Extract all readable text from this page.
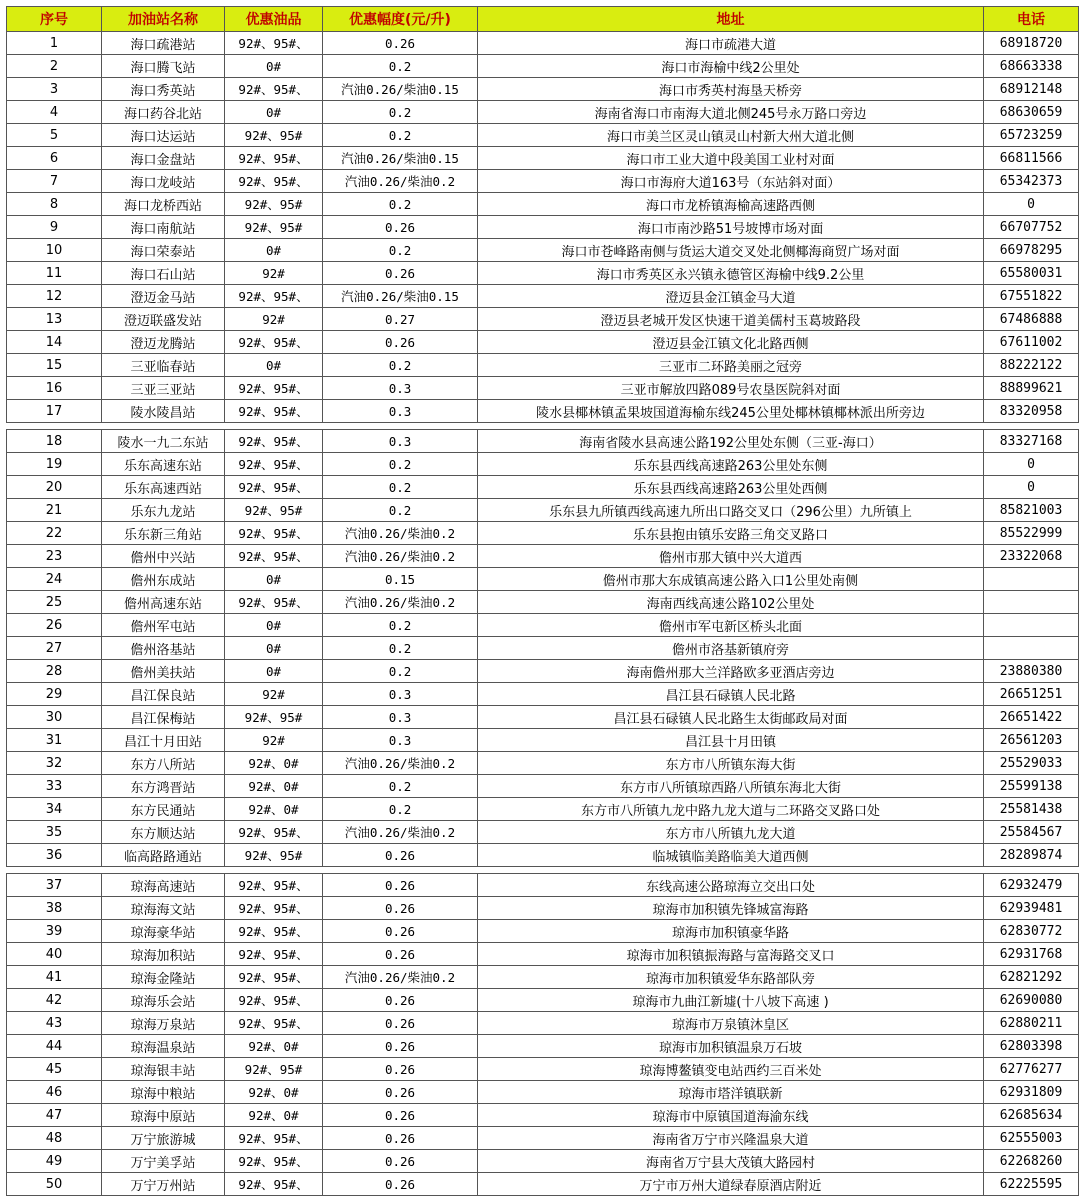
序号	加油站名称	优惠油品	优惠幅度(元/升)	地址	电话
1	海口疏港站	92#、95#、	0.26	海口市疏港大道	68918720
2	海口腾飞站	0#	0.2	海口市海榆中线2公里处	68663338
3	海口秀英站	92#、95#、	汽油0.26/柴油0.15	海口市秀英村海垦天桥旁	68912148
4	海口药谷北站	0#	0.2	海南省海口市南海大道北侧245号永万路口旁边	68630659
5	海口达运站	92#、95#	0.2	海口市美兰区灵山镇灵山村新大州大道北侧	65723259
6	海口金盘站	92#、95#、	汽油0.26/柴油0.15	海口市工业大道中段美国工业村对面	66811566
7	海口龙岐站	92#、95#、	汽油0.26/柴油0.2	海口市海府大道163号（东站斜对面）	65342373
8	海口龙桥西站	92#、95#	0.2	海口市龙桥镇海榆高速路西侧	0
9	海口南航站	92#、95#	0.26	海口市南沙路51号坡博市场对面	66707752
10	海口荣泰站	0#	0.2	海口市苍峰路南侧与货运大道交叉处北侧椰海商贸广场对面	66978295
11	海口石山站	92#	0.26	海口市秀英区永兴镇永德管区海榆中线9.2公里	65580031
12	澄迈金马站	92#、95#、	汽油0.26/柴油0.15	澄迈县金江镇金马大道	67551822
13	澄迈联盛发站	92#	0.27	澄迈县老城开发区快速干道美儒村玉葛坡路段	67486888
14	澄迈龙腾站	92#、95#、	0.26	澄迈县金江镇文化北路西侧	67611002
15	三亚临春站	0#	0.2	三亚市二环路美丽之冠旁	88222122
16	三亚三亚站	92#、95#、	0.3	三亚市解放四路089号农垦医院斜对面	88899621
17	陵水陵昌站	92#、95#、	0.3	陵水县椰林镇孟果坡国道海榆东线245公里处椰林镇椰林派出所旁边	83320958

18	陵水一九二东站	92#、95#、	0.3	海南省陵水县高速公路192公里处东侧（三亚-海口）	83327168
19	乐东高速东站	92#、95#、	0.2	乐东县西线高速路263公里处东侧	0
20	乐东高速西站	92#、95#、	0.2	乐东县西线高速路263公里处西侧	0
21	乐东九龙站	92#、95#	0.2	乐东县九所镇西线高速九所出口路交叉口（296公里）九所镇上	85821003
22	乐东新三角站	92#、95#、	汽油0.26/柴油0.2	乐东县抱由镇乐安路三角交叉路口	85522999
23	儋州中兴站	92#、95#、	汽油0.26/柴油0.2	儋州市那大镇中兴大道西	23322068
24	儋州东成站	0#	0.15	儋州市那大东成镇高速公路入口1公里处南侧	
25	儋州高速东站	92#、95#、	汽油0.26/柴油0.2	海南西线高速公路102公里处	
26	儋州军屯站	0#	0.2	儋州市军屯新区桥头北面	
27	儋州洛基站	0#	0.2	儋州市洛基新镇府旁	
28	儋州美扶站	0#	0.2	海南儋州那大兰洋路欧多亚酒店旁边	23880380
29	昌江保良站	92#	0.3	昌江县石碌镇人民北路	26651251
30	昌江保梅站	92#、95#	0.3	昌江县石碌镇人民北路生太街邮政局对面	26651422
31	昌江十月田站	92#	0.3	昌江县十月田镇	26561203
32	东方八所站	92#、0#	汽油0.26/柴油0.2	东方市八所镇东海大街	25529033
33	东方鸿晋站	92#、0#	0.2	东方市八所镇琼西路八所镇东海北大街	25599138
34	东方民通站	92#、0#	0.2	东方市八所镇九龙中路九龙大道与二环路交叉路口处	25581438
35	东方顺达站	92#、95#、	汽油0.26/柴油0.2	东方市八所镇九龙大道	25584567
36	临高路路通站	92#、95#	0.26	临城镇临美路临美大道西侧	28289874

37	琼海高速站	92#、95#、	0.26	东线高速公路琼海立交出口处	62932479
38	琼海海文站	92#、95#、	0.26	琼海市加积镇先锋城富海路	62939481
39	琼海豪华站	92#、95#、	0.26	琼海市加积镇豪华路	62830772
40	琼海加积站	92#、95#、	0.26	琼海市加积镇振海路与富海路交叉口	62931768
41	琼海金隆站	92#、95#、	汽油0.26/柴油0.2	琼海市加积镇爱华东路部队旁	62821292
42	琼海乐会站	92#、95#、	0.26	琼海市九曲江新墟(十八坡下高速 )	62690080
43	琼海万泉站	92#、95#、	0.26	琼海市万泉镇沐皇区	62880211
44	琼海温泉站	92#、0#	0.26	琼海市加积镇温泉万石坡	62803398
45	琼海银丰站	92#、95#	0.26	琼海博鳌镇变电站西约三百米处	62776277
46	琼海中粮站	92#、0#	0.26	琼海市塔洋镇联新	62931809
47	琼海中原站	92#、0#	0.26	琼海市中原镇国道海渝东线	62685634
48	万宁旅游城	92#、95#、	0.26	海南省万宁市兴隆温泉大道	62555003
49	万宁美孚站	92#、95#、	0.26	海南省万宁县大茂镇大路园村	62268260
50	万宁万州站	92#、95#、	0.26	万宁市万州大道绿春原酒店附近	62225595
